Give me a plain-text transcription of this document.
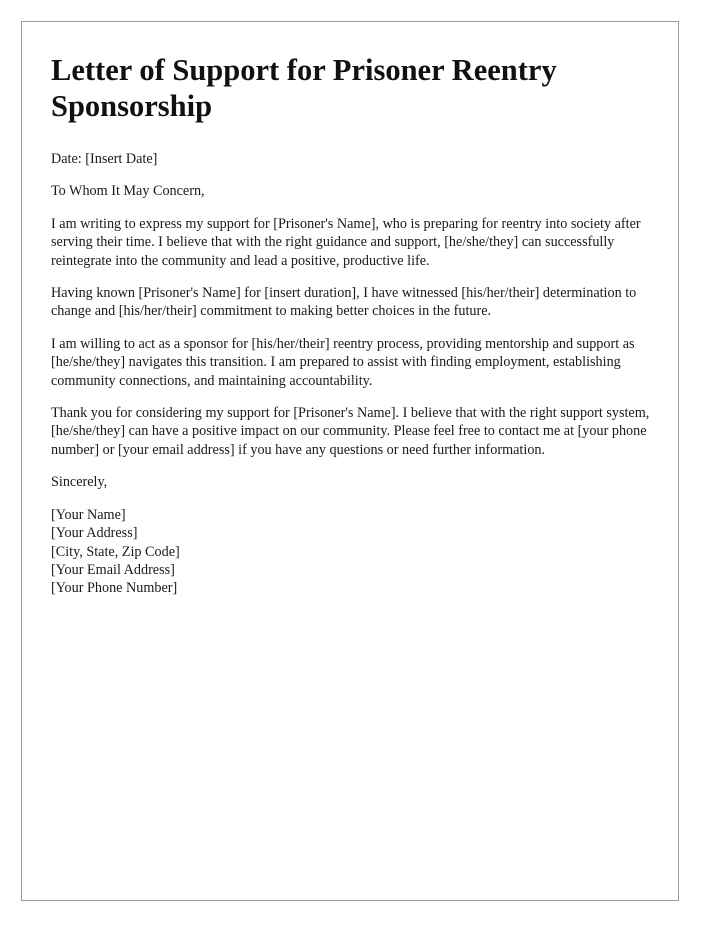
Letter of Support for Prisoner Reentry Sponsorship

Date: [Insert Date]

To Whom It May Concern,

I am writing to express my support for [Prisoner's Name], who is preparing for reentry into society after serving their time. I believe that with the right guidance and support, [he/she/they] can successfully reintegrate into the community and lead a positive, productive life.

Having known [Prisoner's Name] for [insert duration], I have witnessed [his/her/their] determination to change and [his/her/their] commitment to making better choices in the future.

I am willing to act as a sponsor for [his/her/their] reentry process, providing mentorship and support as [he/she/they] navigates this transition. I am prepared to assist with finding employment, establishing community connections, and maintaining accountability.

Thank you for considering my support for [Prisoner's Name]. I believe that with the right support system, [he/she/they] can have a positive impact on our community. Please feel free to contact me at [your phone number] or [your email address] if you have any questions or need further information.

Sincerely,

[Your Name]
[Your Address]
[City, State, Zip Code]
[Your Email Address]
[Your Phone Number]
